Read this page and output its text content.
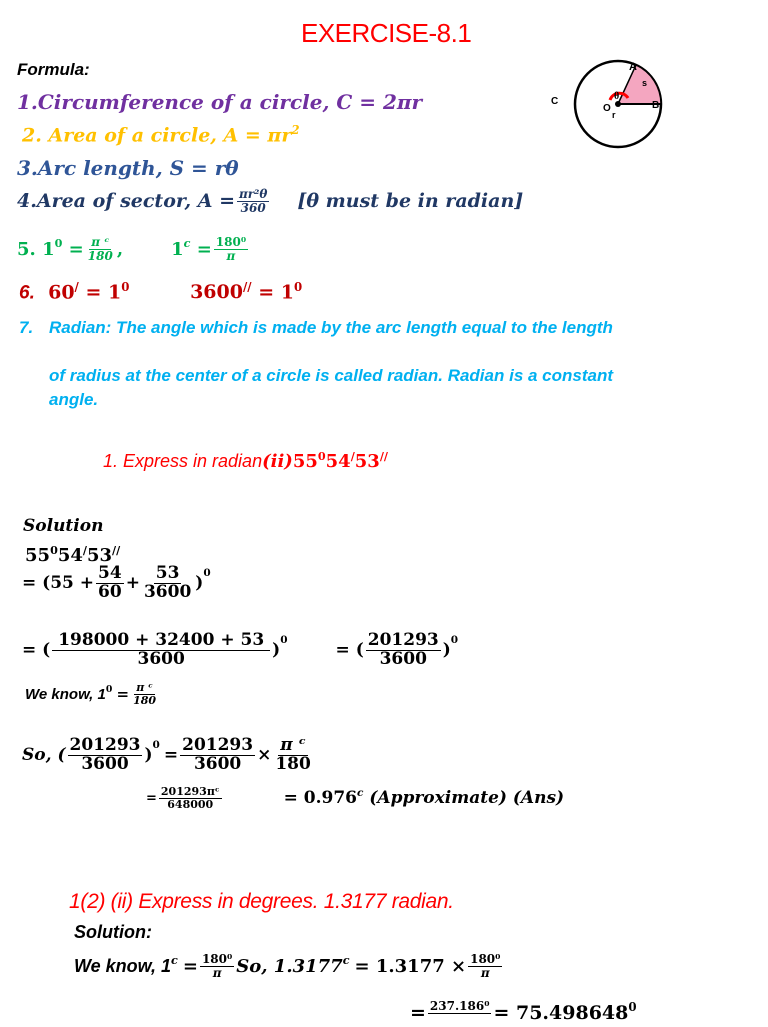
EXERCISE-8.1
Formula:
1.Circumference of a circle, C = 2πr
2. Area of a circle, $A = \pi r^2$
3.Arc length, S = rθ
4. Area of sector, $A = \frac{\text{πr²θ}}{360} [\theta$ must be in radian]
5.
$1^0$
= $\frac{\text{π ᶜ}}{180}$ ,	1$^c$
= $\frac{\text{180⁰}}{\pi}$
6. $60^/ = 1^0$	$3600^{//} = 1^0$
7. Radian: The angle which is made by the arc length equal to the length

of radius at the center of a circle is called radian. Radian is a constant
angle.
A
s
C
O
θ
B
r
1. Express in $radian(ii)55^054^/53^{//}$
Solution
$55^054^/53^{//}$
= $(55 + \frac{54}{60} + \frac{53}{3600} )^0$
= ( $\frac{198000 + 32400 + 53}{3600} )^0$	= ( $\frac{201293}{3600} )^0$
We know, $1^0$
= $\frac{\text{π ᶜ}}{180}$
So, ( $\frac{201293}{3600} )^0 = \frac{201293}{3600} \times \frac{\text{π ᶜ}}{180}$
= $\frac{\text{201293πᶜ}}{648000}$	= 0.976$^c$
(Approximate) (Ans)
1(2) (ii) Express in degrees. 1.3177 radian.
Solution:
We know, 1$^c$
= $\frac{\text{180⁰}}{\pi} So$, 1.3177$^c$
= $1.3177 \times \frac{\text{180⁰}}{\pi}$
= 237.186⁰
= $75.498648^0$
